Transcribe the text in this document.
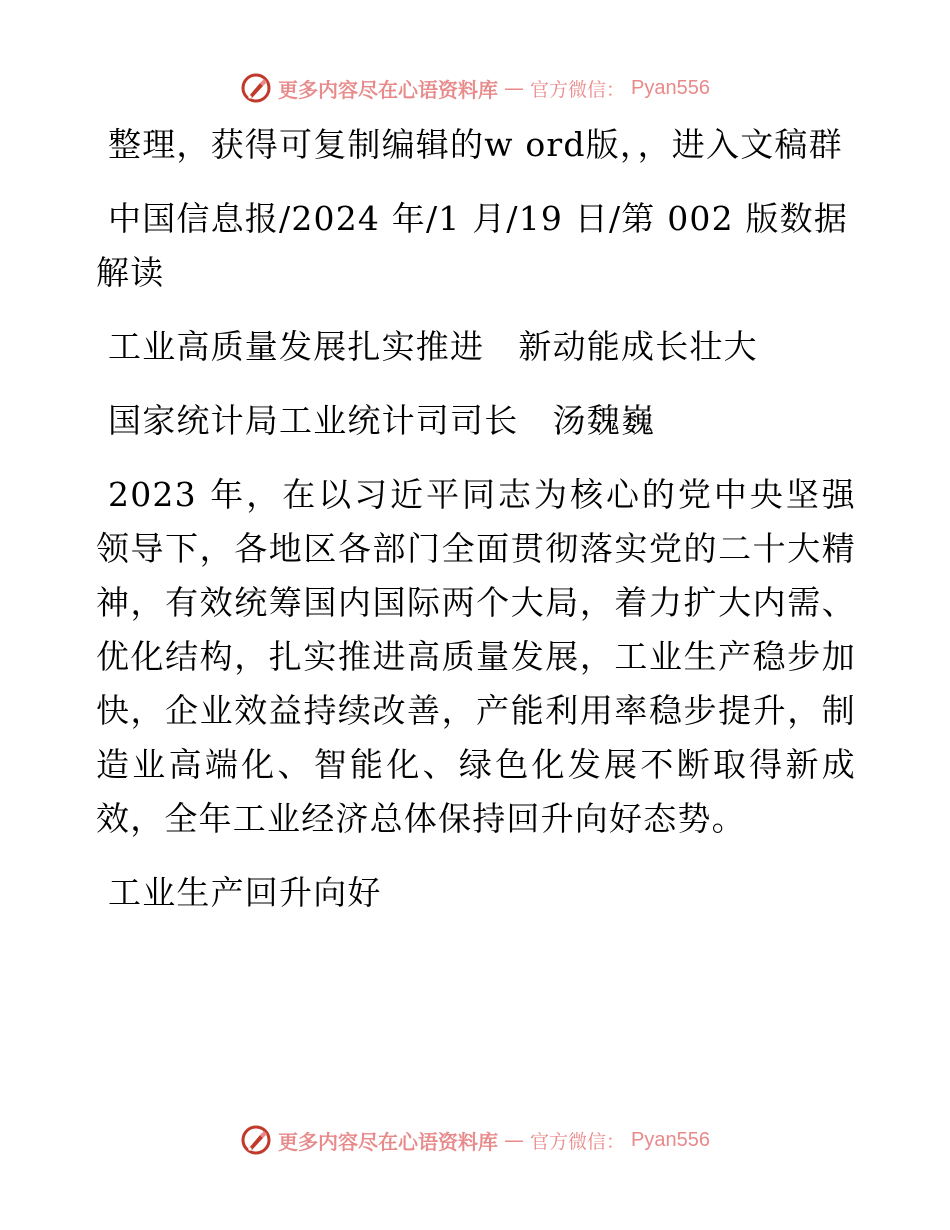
更多内容尽在心语资料库 — 官方微信： Pyan556

整理，获得可复制编辑的w ord版，，进入文稿群

中国信息报/2024 年/1 月/19 日/第 002 版数据解读

工业高质量发展扎实推进　新动能成长壮大

国家统计局工业统计司司长　汤魏巍

2023 年，在以习近平同志为核心的党中央坚强领导下，各地区各部门全面贯彻落实党的二十大精神，有效统筹国内国际两个大局，着力扩大内需、优化结构，扎实推进高质量发展，工业生产稳步加快，企业效益持续改善，产能利用率稳步提升，制造业高端化、智能化、绿色化发展不断取得新成效，全年工业经济总体保持回升向好态势。

工业生产回升向好

更多内容尽在心语资料库 — 官方微信： Pyan556
